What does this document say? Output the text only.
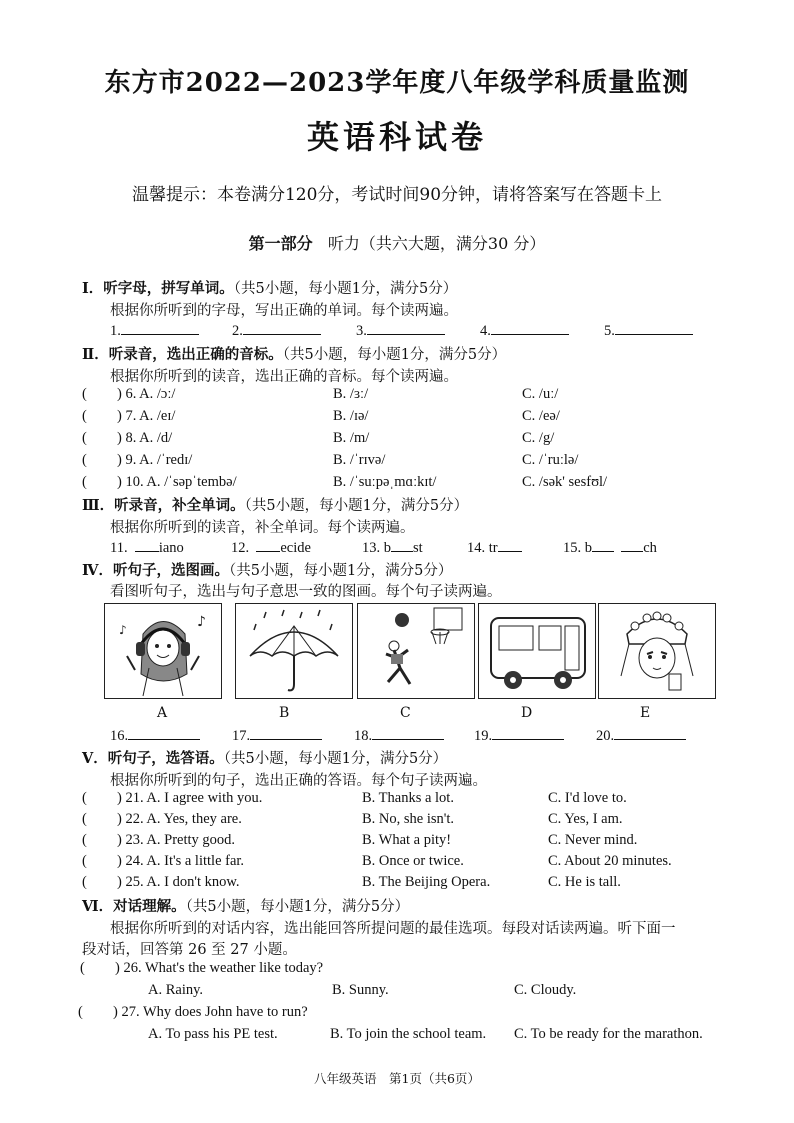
东方市2022—2023学年度八年级学科质量监测
英语科试卷
温馨提示：本卷满分120分，考试时间90分钟，请将答案写在答题卡上
第一部分 听力（共六大题，满分30 分）
Ⅰ．听字母，拼写单词。（共5小题，每小题1分，满分5分）
根据你所听到的字母，写出正确的单词。每个读两遍。
1.	2.	3.	4.	5.
Ⅱ．听录音，选出正确的音标。（共5小题，每小题1分，满分5分）
根据你所听到的读音，选出正确的音标。每个读两遍。
( ) 6. A. /ɔː/	B. /ɜː/	C. /uː/
( ) 7. A. /eɪ/	B. /ɪə/	C. /eə/
( ) 8. A. /d/	B. /m/	C. /g/
( ) 9. A. /ˈredɪ/	B. /ˈrɪvə/	C. /ˈruːlə/
( ) 10. A. /ˈsəpˈtembə/	B. /ˈsuːpəˌmɑːkɪt/	C. /sək' sesfʊl/
Ⅲ．听录音，补全单词。（共5小题，每小题1分，满分5分）
根据你所听到的读音，补全单词。每个读两遍。
11. iano	12. ecide	13. b st	14. tr	15. b	ch
Ⅳ．听句子，选图画。（共5小题，每小题1分，满分5分）
看图听句子，选出与句子意思一致的图画。每个句子读两遍。
♪
♪
A	B	C	D	E
16.	17.	18.	19.	20.
Ⅴ．听句子，选答语。（共5小题，每小题1分，满分5分）
根据你所听到的句子，选出正确的答语。每个句子读两遍。
( ) 21. A. I agree with you.	B. Thanks a lot.	C. I'd love to.
( ) 22. A. Yes, they are.	B. No, she isn't.	C. Yes, I am.
( ) 23. A. Pretty good.	B. What a pity!	C. Never mind.
( ) 24. A. It's a little far.	B. Once or twice.	C. About 20 minutes.
( ) 25. A. I don't know.	B. The Beijing Opera.	C. He is tall.
Ⅵ．对话理解。（共5小题，每小题1分，满分5分）
根据你所听到的对话内容，选出能回答所提问题的最佳选项。每段对话读两遍。听下面一
段对话，回答第 26 至 27 小题。
( ) 26. What's the weather like today?
A. Rainy.	B. Sunny.	C. Cloudy.
( ) 27. Why does John have to run?
A. To pass his PE test.	B. To join the school team. C. To be ready for the marathon.
八年级英语　第1页（共6页）
